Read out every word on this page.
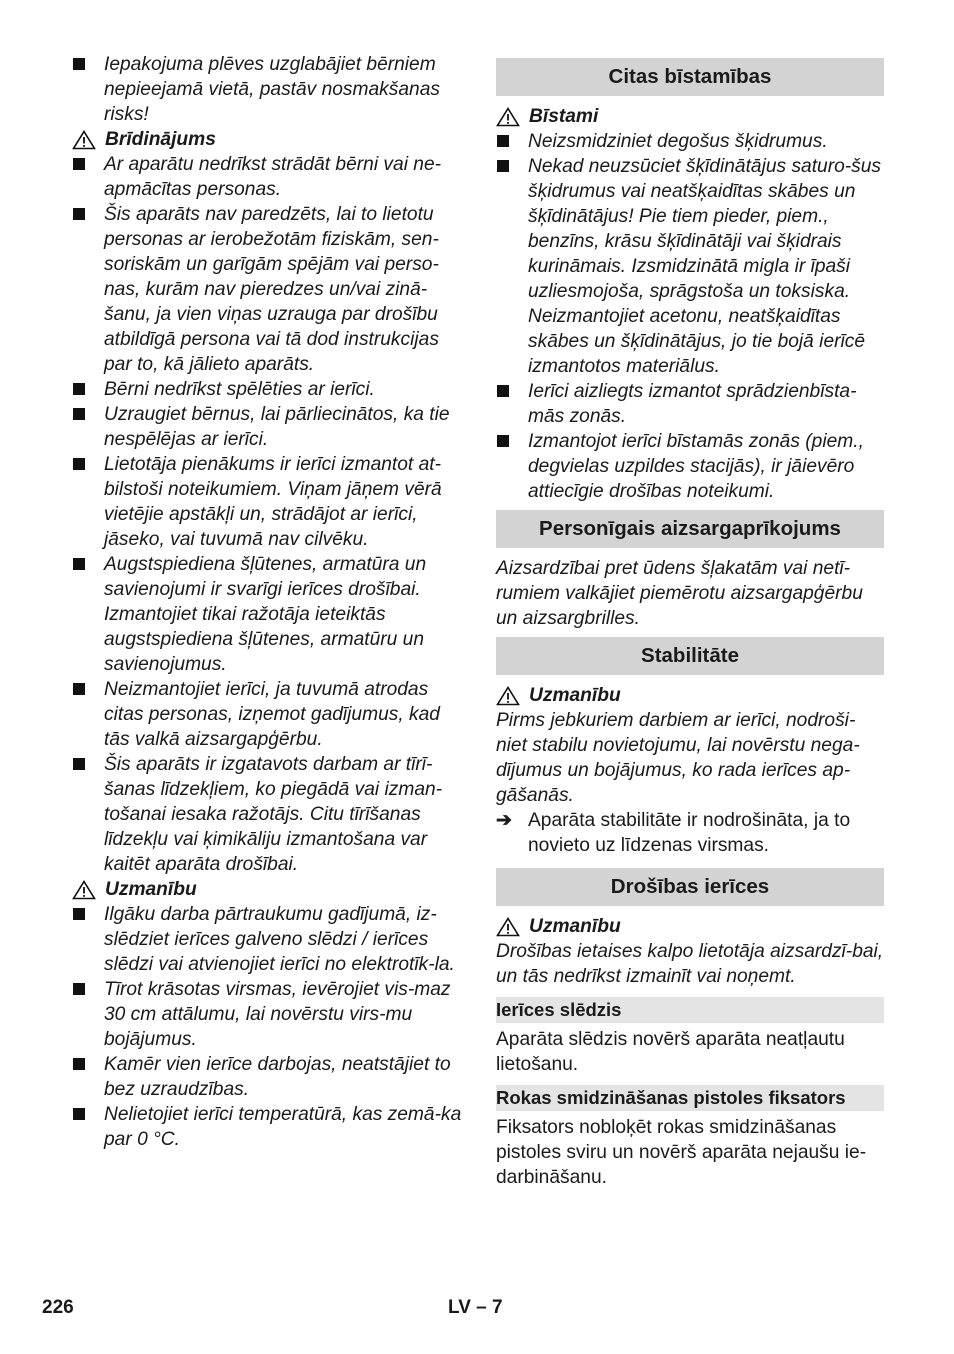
Iepakojuma plēves uzglabājiet bērniem nepieejamā vietā, pastāv nosmakšanas risks!
Brīdinājums
Ar aparātu nedrīkst strādāt bērni vai ne-apmācītas personas.
Šis aparāts nav paredzēts, lai to lietotu personas ar ierobežotām fiziskām, sen-soriskām un garīgām spējām vai perso-nas, kurām nav pieredzes un/vai zinā-šanu, ja vien viņas uzrauga par drošību atbildīgā persona vai tā dod instrukcijas par to, kā jālieto aparāts.
Bērni nedrīkst spēlēties ar ierīci.
Uzraugiet bērnus, lai pārliecinātos, ka tie nespēlējas ar ierīci.
Lietotāja pienākums ir ierīci izmantot at-bilstoši noteikumiem. Viņam jāņem vērā vietējie apstākļi un, strādājot ar ierīci, jāseko, vai tuvumā nav cilvēku.
Augstspiediena šļūtenes, armatūra un savienojumi ir svarīgi ierīces drošībai. Izmantojiet tikai ražotāja ieteiktās augstspiediena šļūtenes, armatūru un savienojumus.
Neizmantojiet ierīci, ja tuvumā atrodas citas personas, izņemot gadījumus, kad tās valkā aizsargapģērbu.
Šis aparāts ir izgatavots darbam ar tīrī-šanas līdzekļiem, ko piegādā vai izman-tošanai iesaka ražotājs. Citu tīrīšanas līdzekļu vai ķimikāliju izmantošana var kaitēt aparāta drošībai.
Uzmanību
Ilgāku darba pārtraukumu gadījumā, iz-slēdziet ierīces galveno slēdzi / ierīces slēdzi vai atvienojiet ierīci no elektrotīk-la.
Tīrot krāsotas virsmas, ievērojiet vis-maz 30 cm attālumu, lai novērstu virs-mu bojājumus.
Kamēr vien ierīce darbojas, neatstājiet to bez uzraudzības.
Nelietojiet ierīci temperatūrā, kas zemā-ka par 0 °C.
Citas bīstamības
Bīstami
Neizsmidziniet degošus šķidrumus.
Nekad neuzsūciet šķīdinātājus saturo-šus šķidrumus vai neatšķaidītas skābes un šķīdinātājus! Pie tiem pieder, piem., benzīns, krāsu šķīdinātāji vai šķidrais kurināmais. Izsmidzinātā migla ir īpaši uzliesmojoša, sprāgstoša un toksiska. Neizmantojiet acetonu, neatšķaidītas skābes un šķīdinātājus, jo tie bojā ierīcē izmantotos materiālus.
Ierīci aizliegts izmantot sprādzienbīsta-mās zonās.
Izmantojot ierīci bīstamās zonās (piem., degvielas uzpildes stacijās), ir jāievēro attiecīgie drošības noteikumi.
Personīgais aizsargaprīkojums
Aizsardzībai pret ūdens šļakatām vai netī-rumiem valkājiet piemērotu aizsargapģērbu un aizsargbrilles.
Stabilitāte
Uzmanību
Pirms jebkuriem darbiem ar ierīci, nodroši-niet stabilu novietojumu, lai novērstu nega-dījumus un bojājumus, ko rada ierīces ap-gāšanās.
➔ Aparāta stabilitāte ir nodrošināta, ja to novieto uz līdzenas virsmas.
Drošības ierīces
Uzmanību
Drošības ietaises kalpo lietotāja aizsardzī-bai, un tās nedrīkst izmainīt vai noņemt.
Ierīces slēdzis
Aparāta slēdzis novērš aparāta neatļautu lietošanu.
Rokas smidzināšanas pistoles fiksators
Fiksators nobloķēt rokas smidzināšanas pistoles sviru un novērš aparāta nejaušu ie-darbināšanu.
226	LV – 7
